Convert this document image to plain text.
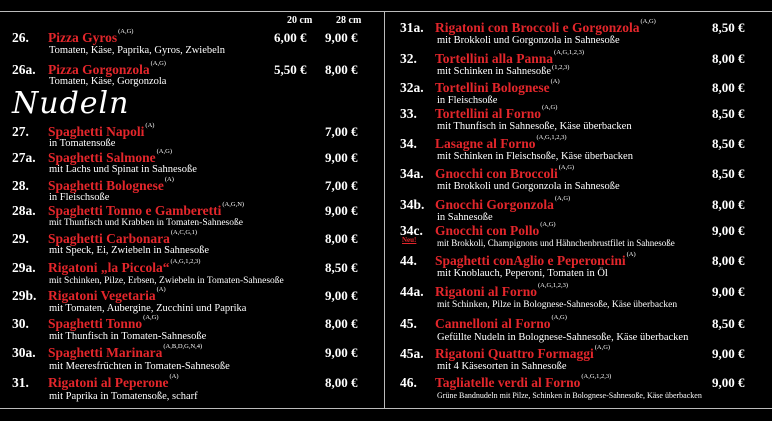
20 cm 28 cm
26. Pizza Gyros$^{(A,G)}$
Tomaten, Käse, Paprika, Gyros, Zwiebeln
6,00 € 9,00 €
26a. Pizza Gorgonzola$^{(A,G)}$
Tomaten, Käse, Gorgonzola
5,50 € 8,00 €
Nudeln
27. Spaghetti Napoli$^{(A)}$
in Tomatensoße
7,00 €
27a. Spaghetti Salmone$^{(A,G)}$
mit Lachs und Spinat in Sahnesoße
9,00 €
28. Spaghetti Bolognese$^{(A)}$
in Fleischsoße
7,00 €
28a. Spaghetti Tonno e Gamberetti$^{(A,G,N)}$
mit Thunfisch und Krabben in Tomaten-Sahnesoße
9,00 €
29. Spaghetti Carbonara$^{(A,C,G,1)}$
mit Speck, Ei, Zwiebeln in Sahnesoße
8,00 €
29a. Rigatoni „la Piccola“$^{(A,G,1,2,3)}$
mit Schinken, Pilze, Erbsen, Zwiebeln in Tomaten-Sahnesoße
8,50 €
29b. Rigatoni Vegetaria$^{(A)}$
mit Tomaten, Aubergine, Zucchini und Paprika
9,00 €
30. Spaghetti Tonno$^{(A,G)}$
mit Thunfisch in Tomaten-Sahnesoße
8,00 €
30a. Spaghetti Marinara$^{(A,B,D,G,N,4)}$
mit Meeresfrüchten in Tomaten-Sahnesoße
9,00 €
31. Rigatoni al Peperone$^{(A)}$
mit Paprika in Tomatensoße, scharf
8,00 €
31a. Rigatoni con Broccoli e Gorgonzola$^{(A,G)}$
mit Brokkoli und Gorgonzola in Sahnesoße
8,50 €
32. Tortellini alla Panna$^{(A,G,1,2,3)}$
mit Schinken in Sahnesoße$^{(1,2,3)}$
8,00 €
32a. Tortellini Bolognese$^{(A)}$
in Fleischsoße
8,00 €
33. Tortellini al Forno$^{(A,G)}$
mit Thunfisch in Sahnesoße, Käse überbacken
8,50 €
34. Lasagne al Forno$^{(A,G,1,2,3)}$
mit Schinken in Fleischsoße, Käse überbacken
8,50 €
34a. Gnocchi con Broccoli$^{(A,G)}$
mit Brokkoli und Gorgonzola in Sahnesoße
8,50 €
34b. Gnocchi Gorgonzola$^{(A,G)}$
in Sahnesoße
8,00 €
34c.
Neu!
Gnocchi con Pollo$^{(A,G)}$
mit Brokkoli, Champignons und Hähnchenbrustfilet in Sahnesoße
9,00 €
44. Spaghetti conAglio e Peperoncini$^{(A)}$
mit Knoblauch, Peperoni, Tomaten in Öl
8,00 €
44a. Rigatoni al Forno$^{(A,G,1,2,3)}$
mit Schinken, Pilze in Bolognese-Sahnesoße, Käse überbacken
9,00 €
45. Cannelloni al Forno$^{(A,G)}$
Gefüllte Nudeln in Bolognese-Sahnesoße, Käse überbacken
8,50 €
45a. Rigatoni Quattro Formaggi$^{(A,G)}$
mit 4 Käsesorten in Sahnesoße
9,00 €
46. Tagliatelle verdi al Forno$^{(A,G,1,2,3)}$
Grüne Bandnudeln mit Pilze, Schinken in Bolognese-Sahnesoße, Käse überbacken
9,00 €
